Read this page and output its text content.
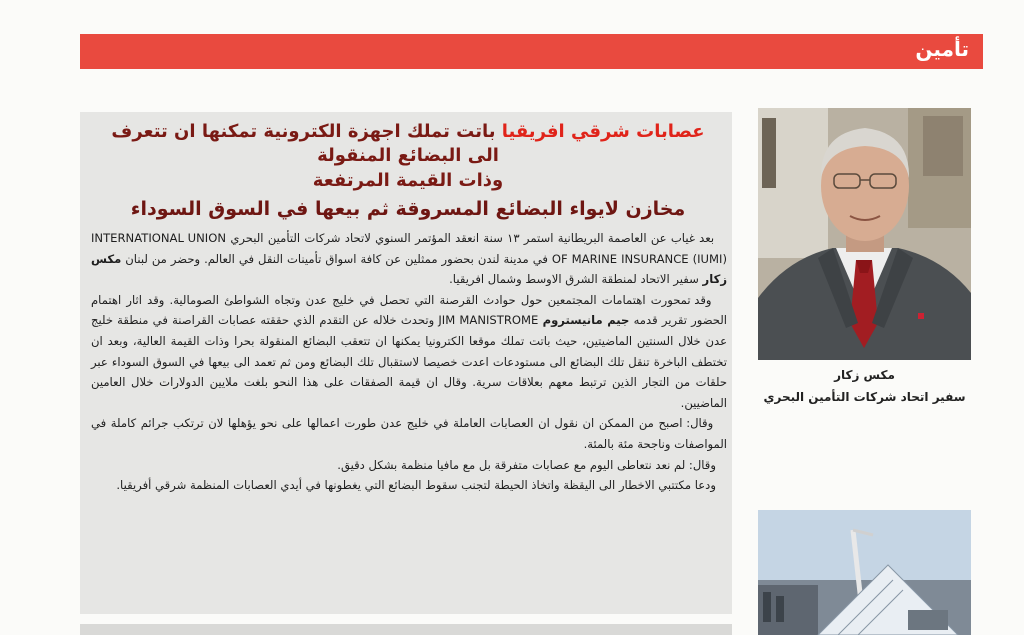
تأمين
عصابات شرقي افريقيا باتت تملك اجهزة الكترونية تمكنها ان تتعرف الى البضائع المنقولة
وذات القيمة المرتفعة
مخازن لايواء البضائع المسروقة ثم بيعها في السوق السوداء

بعد غياب عن العاصمة البريطانية استمر ١٣ سنة انعقد المؤتمر السنوي لاتحاد شركات التأمين البحري INTERNATIONAL UNION OF MARINE INSURANCE (IUMI) في مدينة لندن بحضور ممثلين عن كافة اسواق تأمينات النقل في العالم. وحضر من لبنان مكس زكار سفير الاتحاد لمنطقة الشرق الاوسط وشمال افريقيا.

وقد تمحورت اهتمامات المجتمعين حول حوادث القرصنة التي تحصل في خليج عدن وتجاه الشواطئ الصومالية. وقد اثار اهتمام الحضور تقرير قدمه جيم مانيستروم JIM MANISTROME وتحدث خلاله عن التقدم الذي حققته عصابات القراصنة في منطقة خليج عدن خلال السنتين الماضيتين، حيث باتت تملك موقعا الكترونيا يمكنها ان تتعقب البضائع المنقولة بحرا وذات القيمة العالية، وبعد ان تختطف الباخرة تنقل تلك البضائع الى مستودعات اعدت خصيصا لاستقبال تلك البضائع ومن ثم تعمد الى بيعها في السوق السوداء عبر حلقات من التجار الذين ترتبط معهم بعلاقات سرية. وقال ان قيمة الصفقات على هذا النحو بلغت ملايين الدولارات خلال العامين الماضيين.

وقال: اصبح من الممكن ان نقول ان العصابات العاملة في خليج عدن طورت اعمالها على نحو يؤهلها لان ترتكب جرائم كاملة في المواصفات وناجحة مئة بالمئة.

وقال: لم نعد نتعاطى اليوم مع عصابات متفرقة بل مع مافيا منظمة بشكل دقيق.

ودعا مكتتبي الاخطار الى اليقظة واتخاذ الحيطة لتجنب سقوط البضائع التي يغطونها في أيدي العصابات المنظمة شرقي أفريقيا.

مكس زكار
سفير اتحاد شركات التأمين البحري
